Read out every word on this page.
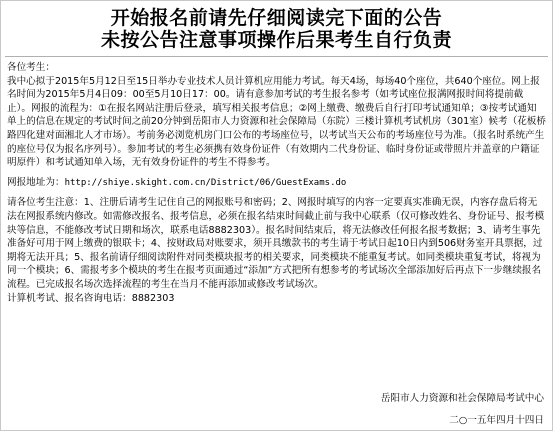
开始报名前请先仔细阅读完下面的公告
未按公告注意事项操作后果考生自行负责

各位考生：

我中心拟于2015年5月12日至15日举办专业技术人员计算机应用能力考试。每天4场，每场40个座位，共640个座位。网上报名时间为2015年5月4日09：00至5月10日17：00。请有意参加考试的考生报名参考（如考试座位报满网报时间将提前截止）。网报的流程为：①在报名网站注册后登录，填写相关报考信息；②网上缴费、缴费后自行打印考试通知单；③按考试通知单上的信息在规定的考试时间之前20分钟到岳阳市人力资源和社会保障局（东院）三楼计算机考试机房（301室）候考（花板桥路四化建对面湘北人才市场）。考前务必浏览机房门口公布的考场座位号，以考试当天公布的考场座位号为准。（报名时系统产生的座位号仅为报名序列号）。参加考试的考生必须携有效身份证件（有效期内二代身份证、临时身份证或带照片并盖章的户籍证明原件）和考试通知单入场，无有效身份证件的考生不得参考。

网报地址为：http://shiye.skight.com.cn/District/06/GuestExams.do

请各位考生注意：1、注册后请考生记住自己的网报账号和密码；2、网报时填写的内容一定要真实准确无误，内容存盘后将无法在网报系统内修改。如需修改报名、报考信息，必须在报名结束时间截止前与我中心联系（仅可修改姓名、身份证号、报考模块等信息，不能修改考试日期和场次，联系电话8882303）。报名时间结束后，将无法修改任何报名报考数据；3、请考生事先准备好可用于网上缴费的银联卡；4、按财政局对账要求，须开具缴款书的考生请于考试日起10日内到506财务室开具票据，过期将无法开具；5、报名前请仔细阅读附件对同类模块报考的相关要求，同类模块不能重复考试。如同类模块重复考试，将视为同一个模块；6、需报考多个模块的考生在报考页面通过“添加”方式把所有想参考的考试场次全部添加好后再点下一步继续报名流程。已完成报名场次选择流程的考生在当月不能再添加或修改考试场次。

计算机考试、报名咨询电话：8882303

岳阳市人力资源和社会保障局考试中心
二○一五年四月十四日
